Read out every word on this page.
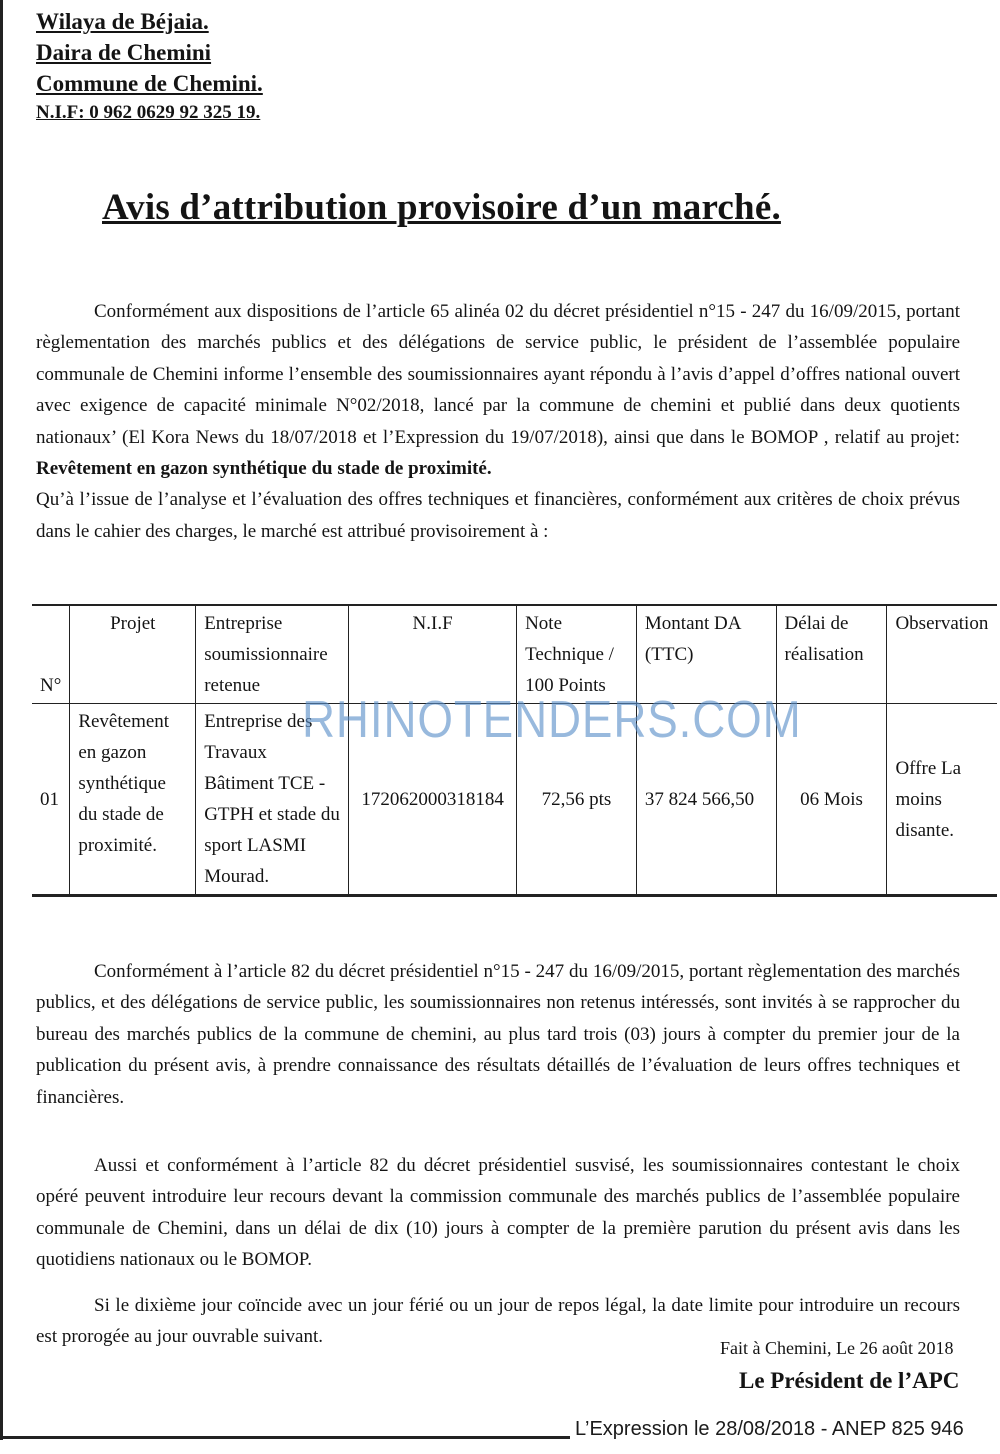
Wilaya de Béjaia.
Daira de Chemini
Commune de Chemini.
N.I.F: 0 962 0629 92 325 19.
Avis d’attribution provisoire d’un marché.

Conformément aux dispositions de l’article 65 alinéa 02 du décret présidentiel n°15 - 247 du 16/09/2015, portant règlementation des marchés publics et des délégations de service public, le président de l’assemblée populaire communale de Chemini informe l’ensemble des soumissionnaires ayant répondu à l’avis d’appel d’offres national ouvert avec exigence de capacité minimale N°02/2018, lancé par la commune de chemini et publié dans deux quotients nationaux’ (El Kora News du 18/07/2018 et l’Expression du 19/07/2018), ainsi que dans le BOMOP , relatif au projet: Revêtement en gazon synthétique du stade de proximité.

Qu’à l’issue de l’analyse et l’évaluation des offres techniques et financières, conformément aux critères de choix prévus dans le cahier des charges, le marché est attribué provisoirement à :

N°	Projet	Entreprise soumissionnaire retenue	N.I.F	Note Technique / 100 Points	Montant DA (TTC)	Délai de réalisation	Observation
01	Revêtement en gazon synthétique du stade de proximité.	Entreprise des Travaux Bâtiment TCE - GTPH et stade du sport LASMI Mourad.	172062000318184	72,56 pts	37 824 566,50	06 Mois	Offre La moins disante.
RHINOTENDERS.COM
Conformément à l’article 82 du décret présidentiel n°15 - 247 du 16/09/2015, portant règlementation des marchés publics, et des délégations de service public, les soumissionnaires non retenus intéressés, sont invités à se rapprocher du bureau des marchés publics de la commune de chemini, au plus tard trois (03) jours à compter du premier jour de la publication du présent avis, à prendre connaissance des résultats détaillés de l’évaluation de leurs offres techniques et financières.
Aussi et conformément à l’article 82 du décret présidentiel susvisé, les soumissionnaires contestant le choix opéré peuvent introduire leur recours devant la commission communale des marchés publics de l’assemblée populaire communale de Chemini, dans un délai de dix (10) jours à compter de la première parution du présent avis dans les quotidiens nationaux ou le BOMOP.
Si le dixième jour coïncide avec un jour férié ou un jour de repos légal, la date limite pour introduire un recours est prorogée au jour ouvrable suivant.
Fait à Chemini, Le 26 août 2018
Le Président de l’APC
L’Expression le 28/08/2018 - ANEP 825 946
